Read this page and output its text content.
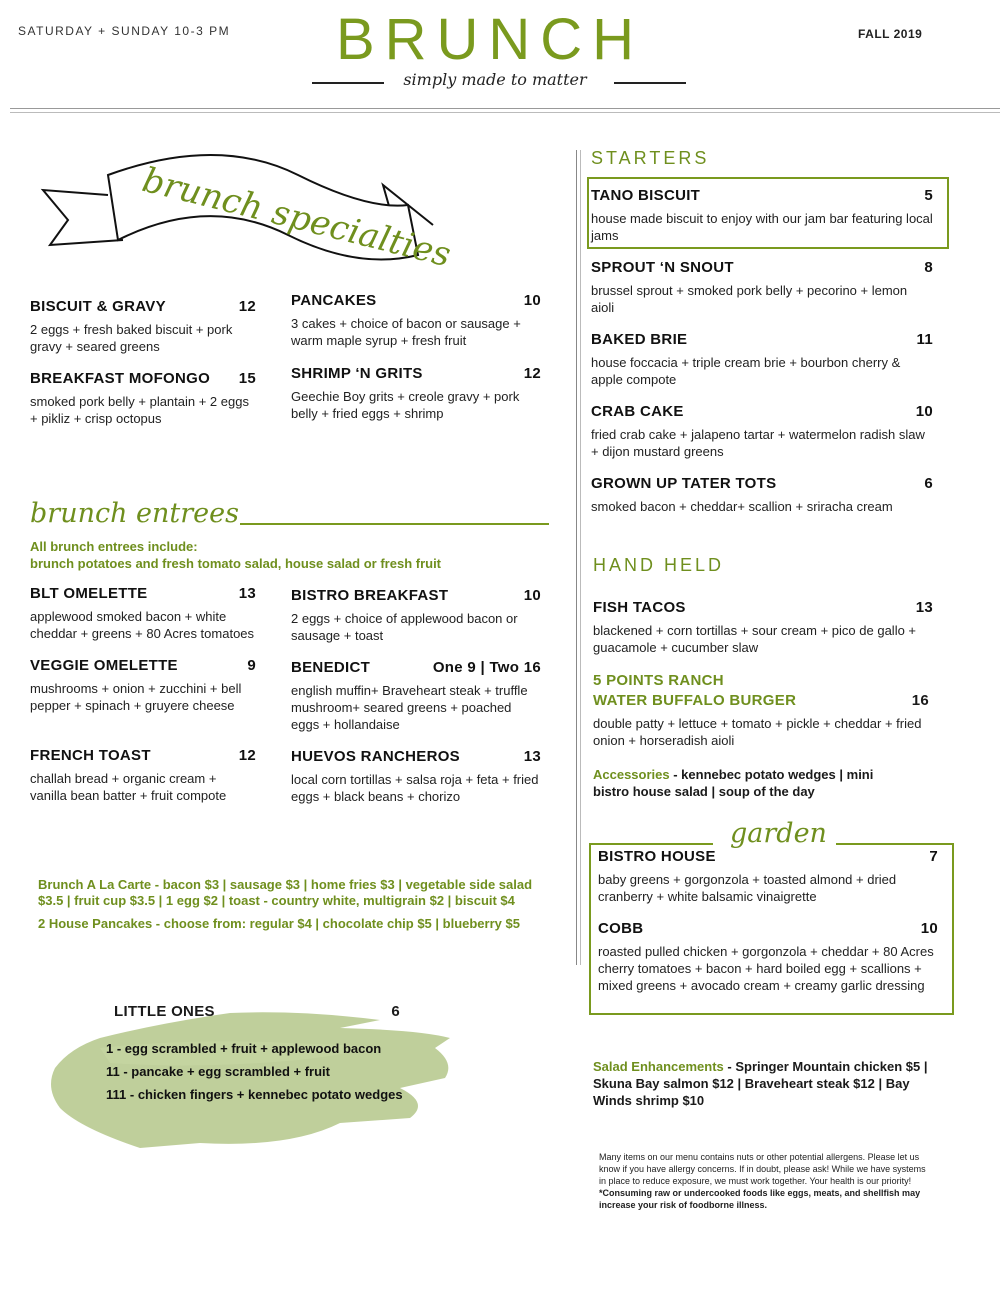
SATURDAY + SUNDAY 10-3 PM	BRUNCH	FALL 2019
simply made to matter
brunch specialties
BISCUIT & GRAVY	12
2 eggs + fresh baked biscuit + pork gravy + seared greens
BREAKFAST MOFONGO 15
smoked pork belly + plantain + 2 eggs + pikliz + crisp octopus
PANCAKES	10
3 cakes + choice of bacon or sausage + warm maple syrup + fresh fruit
SHRIMP ‘N GRITS	12
Geechie Boy grits + creole gravy + pork belly + fried eggs + shrimp
brunch entrees
All brunch entrees include:
brunch potatoes and fresh tomato salad, house salad or fresh fruit
BLT OMELETTE	13
applewood smoked bacon + white cheddar + greens + 80 Acres tomatoes
VEGGIE OMELETTE	9
mushrooms + onion + zucchini + bell pepper + spinach + gruyere cheese
FRENCH TOAST	12
challah bread + organic cream + vanilla bean batter + fruit compote
BISTRO BREAKFAST	10
2 eggs + choice of applewood bacon or sausage + toast
BENEDICT	One 9 | Two 16
english muffin+ Braveheart steak + truffle mushroom+ seared greens + poached eggs + hollandaise
HUEVOS RANCHEROS	13
local corn tortillas + salsa roja + feta + fried eggs + black beans + chorizo
Brunch A La Carte - bacon $3 | sausage $3 | home fries $3 | vegetable side salad
$3.5 | fruit cup $3.5 | 1 egg $2 | toast - country white, multigrain $2 | biscuit $4
2 House Pancakes - choose from: regular $4 | chocolate chip $5 | blueberry $5
LITTLE ONES	6
1 - egg scrambled + fruit + applewood bacon
11 - pancake + egg scrambled + fruit
111 - chicken fingers + kennebec potato wedges
STARTERS
TANO BISCUIT	5
house made biscuit to enjoy with our jam bar featuring local jams
SPROUT ‘N SNOUT	8
brussel sprout + smoked pork belly + pecorino + lemon aioli
BAKED BRIE	11
house foccacia + triple cream brie + bourbon cherry & apple compote
CRAB CAKE	10
fried crab cake + jalapeno tartar + watermelon radish slaw + dijon mustard greens
GROWN UP TATER TOTS	6
smoked bacon + cheddar+ scallion + sriracha cream
HAND HELD
FISH TACOS	13
blackened + corn tortillas + sour cream + pico de gallo + guacamole + cucumber slaw
5 POINTS RANCH
WATER BUFFALO BURGER	16
double patty + lettuce + tomato + pickle + cheddar + fried onion + horseradish aioli
Accessories - kennebec potato wedges | mini bistro house salad | soup of the day
garden
BISTRO HOUSE	7
baby greens + gorgonzola + toasted almond + dried cranberry + white balsamic vinaigrette
COBB	10
roasted pulled chicken + gorgonzola + cheddar + 80 Acres cherry tomatoes + bacon + hard boiled egg + scallions + mixed greens + avocado cream + creamy garlic dressing
Salad Enhancements - Springer Mountain chicken $5 | Skuna Bay salmon $12 | Braveheart steak $12 | Bay Winds shrimp $10
Many items on our menu contains nuts or other potential allergens. Please let us know if you have allergy concerns. If in doubt, please ask! While we have systems in place to reduce exposure, we must work together. Your health is our priority!
*Consuming raw or undercooked foods like eggs, meats, and shellfish may increase your risk of foodborne illness.
